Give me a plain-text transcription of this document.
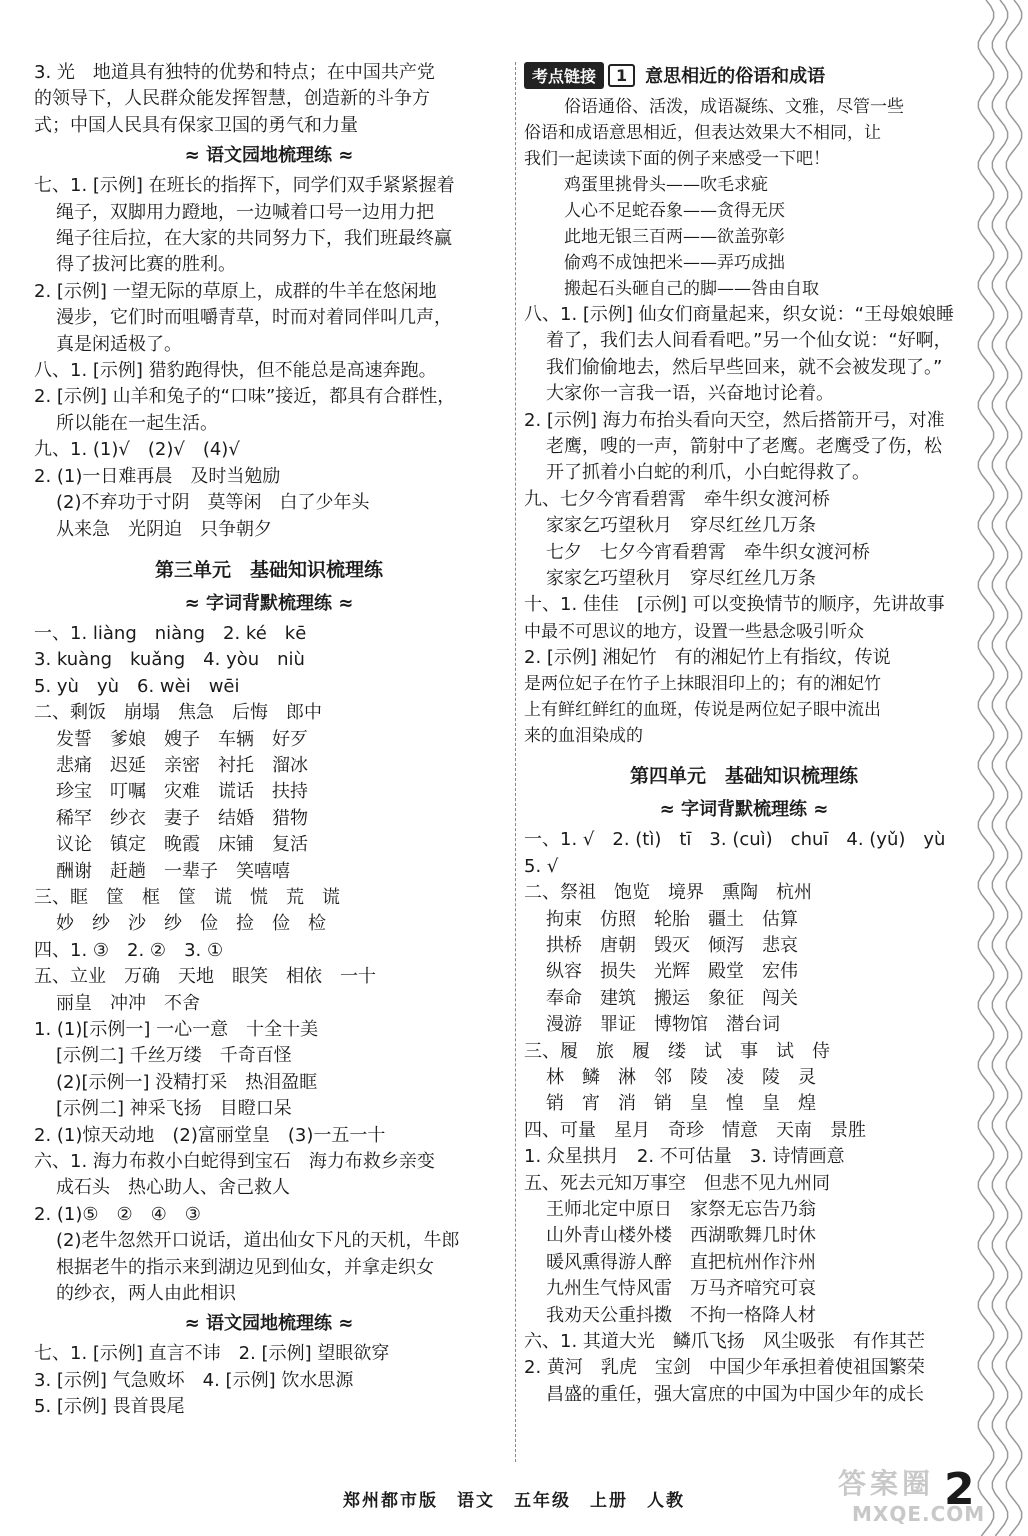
3. 光　地道具有独特的优势和特点；在中国共产党
的领导下，人民群众能发挥智慧，创造新的斗争方
式；中国人民具有保家卫国的勇气和力量
≈ 语文园地梳理练 ≈
七、1. [示例] 在班长的指挥下，同学们双手紧紧握着
绳子，双脚用力蹬地，一边喊着口号一边用力把
绳子往后拉，在大家的共同努力下，我们班最终赢
得了拔河比赛的胜利。
2. [示例] 一望无际的草原上，成群的牛羊在悠闲地
漫步，它们时而咀嚼青草，时而对着同伴叫几声，
真是闲适极了。
八、1. [示例] 猎豹跑得快，但不能总是高速奔跑。
2. [示例] 山羊和兔子的“口味”接近，都具有合群性，
所以能在一起生活。
九、1. (1)√　(2)√　(4)√
2. (1)一日难再晨　及时当勉励
(2)不弃功于寸阴　莫等闲　白了少年头
从来急　光阴迫　只争朝夕
第三单元　基础知识梳理练
≈ 字词背默梳理练 ≈
一、1. liàng　niàng　2. ké　kē
3. kuàng　kuǎng　4. yòu　niù
5. yù　yù　6. wèi　wēi
二、剩饭　崩塌　焦急　后悔　郎中
发誓　爹娘　嫂子　车辆　好歹
悲痛　迟延　亲密　衬托　溜冰
珍宝　叮嘱　灾难　谎话　扶持
稀罕　纱衣　妻子　结婚　猎物
议论　镇定　晚霞　床铺　复活
酬谢　赶趟　一辈子　笑嘻嘻
三、眶　筐　框　筐　谎　慌　荒　谎
妙　纱　沙　纱　俭　捡　俭　检
四、1. ③　2. ②　3. ①
五、立业　万确　天地　眼笑　相依　一十
丽皇　冲冲　不舍
1. (1)[示例一] 一心一意　十全十美
[示例二] 千丝万缕　千奇百怪
(2)[示例一] 没精打采　热泪盈眶
[示例二] 神采飞扬　目瞪口呆
2. (1)惊天动地　(2)富丽堂皇　(3)一五一十
六、1. 海力布救小白蛇得到宝石　海力布救乡亲变
成石头　热心助人、舍己救人
2. (1)⑤　②　④　③
(2)老牛忽然开口说话，道出仙女下凡的天机，牛郎
根据老牛的指示来到湖边见到仙女，并拿走织女
的纱衣，两人由此相识
≈ 语文园地梳理练 ≈
七、1. [示例] 直言不讳　2. [示例] 望眼欲穿
3. [示例] 气急败坏　4. [示例] 饮水思源
5. [示例] 畏首畏尾
考点链接	1	意思相近的俗语和成语
俗语通俗、活泼，成语凝练、文雅，尽管一些
俗语和成语意思相近，但表达效果大不相同，让
我们一起读读下面的例子来感受一下吧！
鸡蛋里挑骨头——吹毛求疵
人心不足蛇吞象——贪得无厌
此地无银三百两——欲盖弥彰
偷鸡不成蚀把米——弄巧成拙
搬起石头砸自己的脚——咎由自取
八、1. [示例] 仙女们商量起来，织女说：“王母娘娘睡
着了，我们去人间看看吧。”另一个仙女说：“好啊，
我们偷偷地去，然后早些回来，就不会被发现了。”
大家你一言我一语，兴奋地讨论着。
2. [示例] 海力布抬头看向天空，然后搭箭开弓，对准
老鹰，嗖的一声，箭射中了老鹰。老鹰受了伤，松
开了抓着小白蛇的利爪，小白蛇得救了。
九、七夕今宵看碧霄　牵牛织女渡河桥
家家乞巧望秋月　穿尽红丝几万条
七夕　七夕今宵看碧霄　牵牛织女渡河桥
家家乞巧望秋月　穿尽红丝几万条
十、1. 佳佳　[示例] 可以变换情节的顺序，先讲故事
中最不可思议的地方，设置一些悬念吸引听众
2. [示例] 湘妃竹　有的湘妃竹上有指纹，传说
是两位妃子在竹子上抹眼泪印上的；有的湘妃竹
上有鲜红鲜红的血斑，传说是两位妃子眼中流出
来的血泪染成的
第四单元　基础知识梳理练
≈ 字词背默梳理练 ≈
一、1. √　2. (tì)　tī　3. (cuì)　chuī　4. (yǔ)　yù
5. √
二、祭祖　饱览　境界　熏陶　杭州
拘束　仿照　轮胎　疆土　估算
拱桥　唐朝　毁灭　倾泻　悲哀
纵容　损失　光辉　殿堂　宏伟
奉命　建筑　搬运　象征　闯关
漫游　罪证　博物馆　潜台词
三、履　旅　履　缕　试　事　试　侍
林　鳞　淋　邻　陵　凌　陵　灵
销　宵　消　销　皇　惶　皇　煌
四、可量　星月　奇珍　情意　天南　景胜
1. 众星拱月　2. 不可估量　3. 诗情画意
五、死去元知万事空　但悲不见九州同
王师北定中原日　家祭无忘告乃翁
山外青山楼外楼　西湖歌舞几时休
暖风熏得游人醉　直把杭州作汴州
九州生气恃风雷　万马齐喑究可哀
我劝天公重抖擞　不拘一格降人材
六、1. 其道大光　鳞爪飞扬　风尘吸张　有作其芒
2. 黄河　乳虎　宝剑　中国少年承担着使祖国繁荣
昌盛的重任，强大富庶的中国为中国少年的成长
郑州都市版　语文　五年级　上册　人教
答案圈
MXQE.COM
2
